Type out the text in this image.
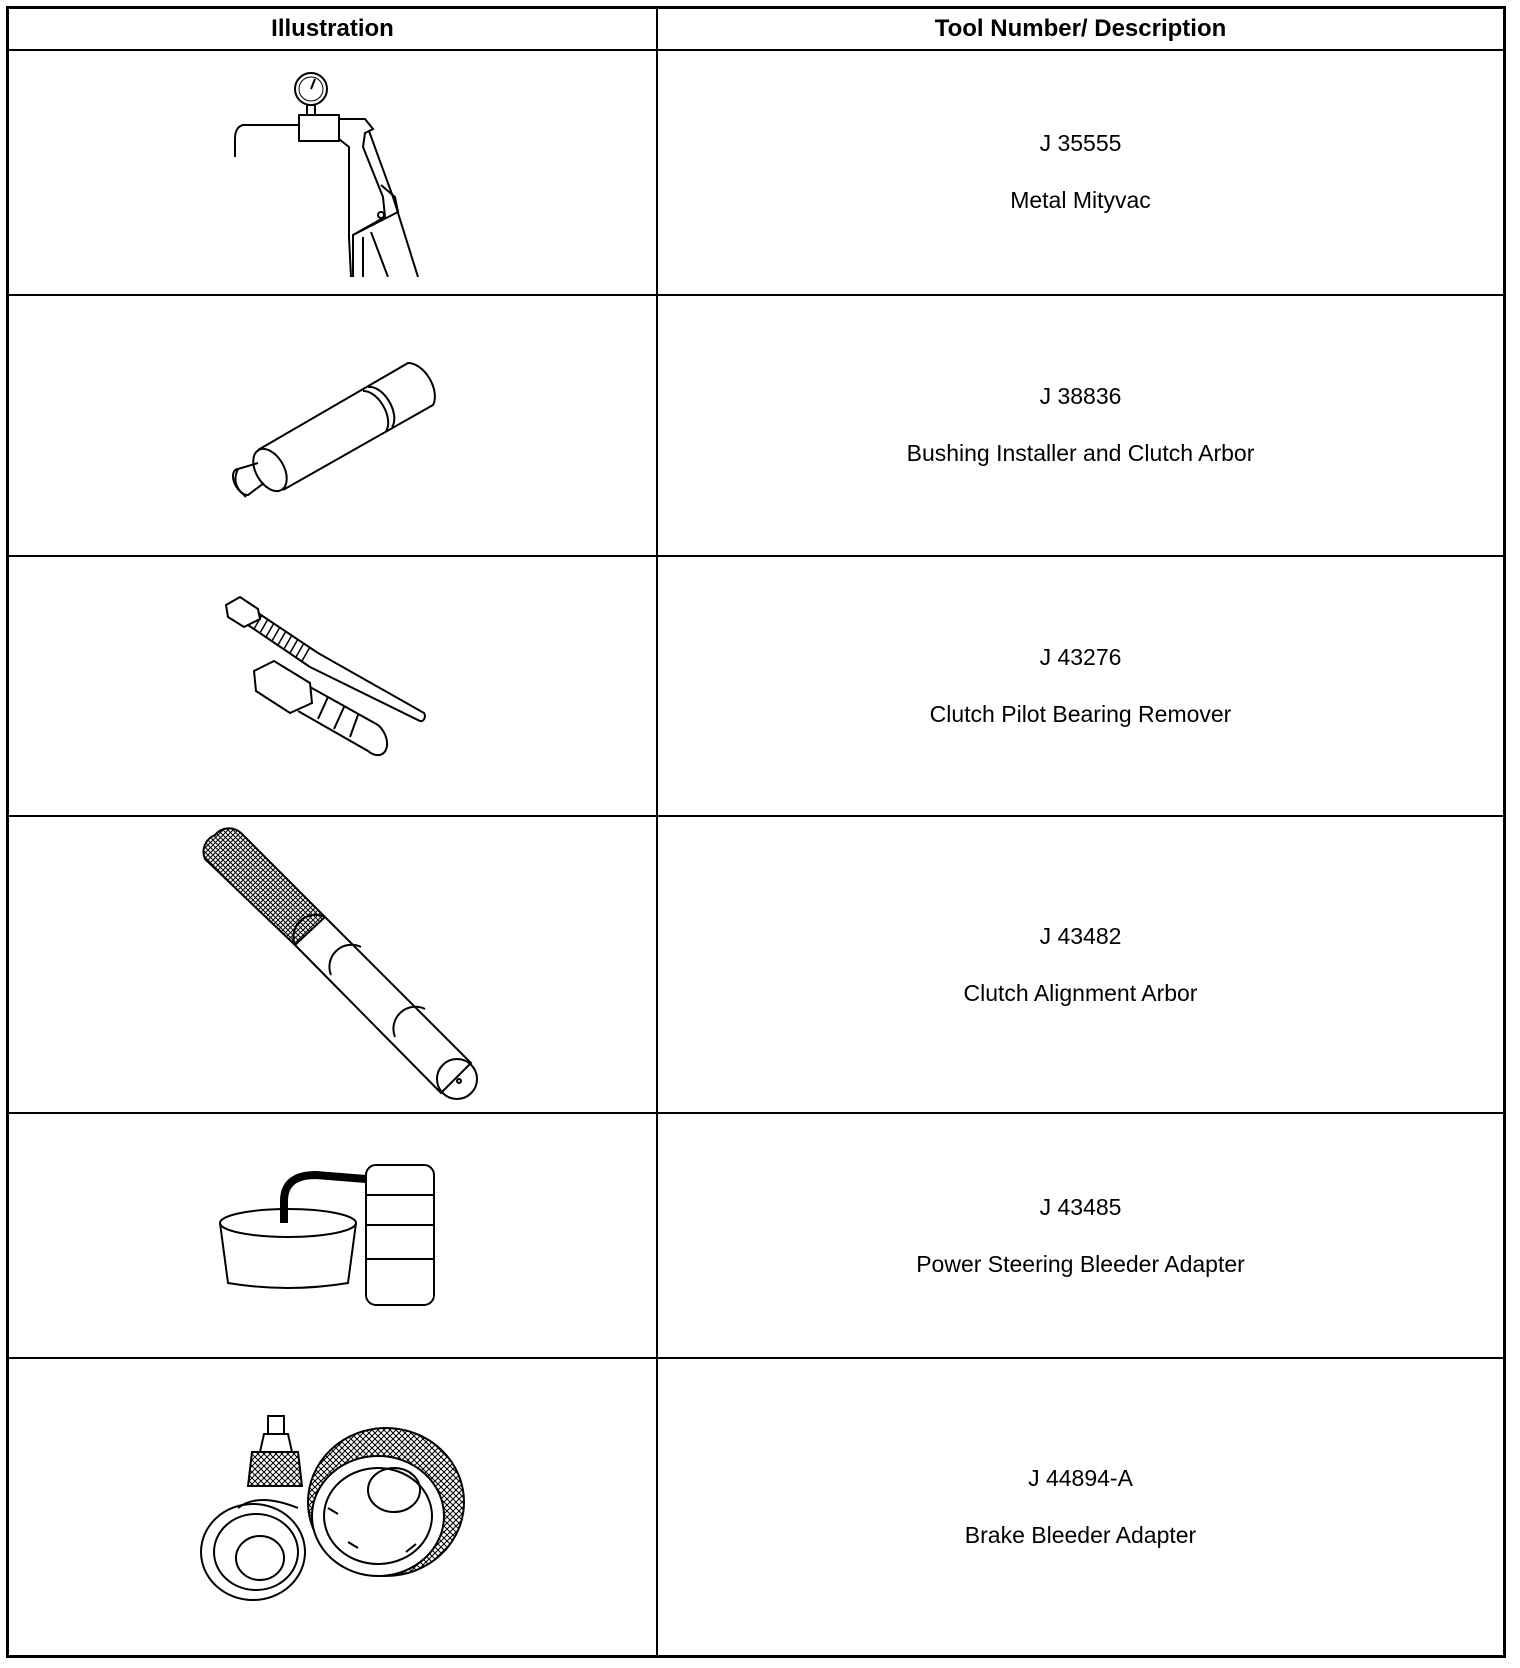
Illustration	Tool Number/ Description

J 35555
Metal Mityvac

J 38836
Bushing Installer and Clutch Arbor

J 43276
Clutch Pilot Bearing Remover

J 43482
Clutch Alignment Arbor

J 43485
Power Steering Bleeder Adapter

J 44894-A
Brake Bleeder Adapter
